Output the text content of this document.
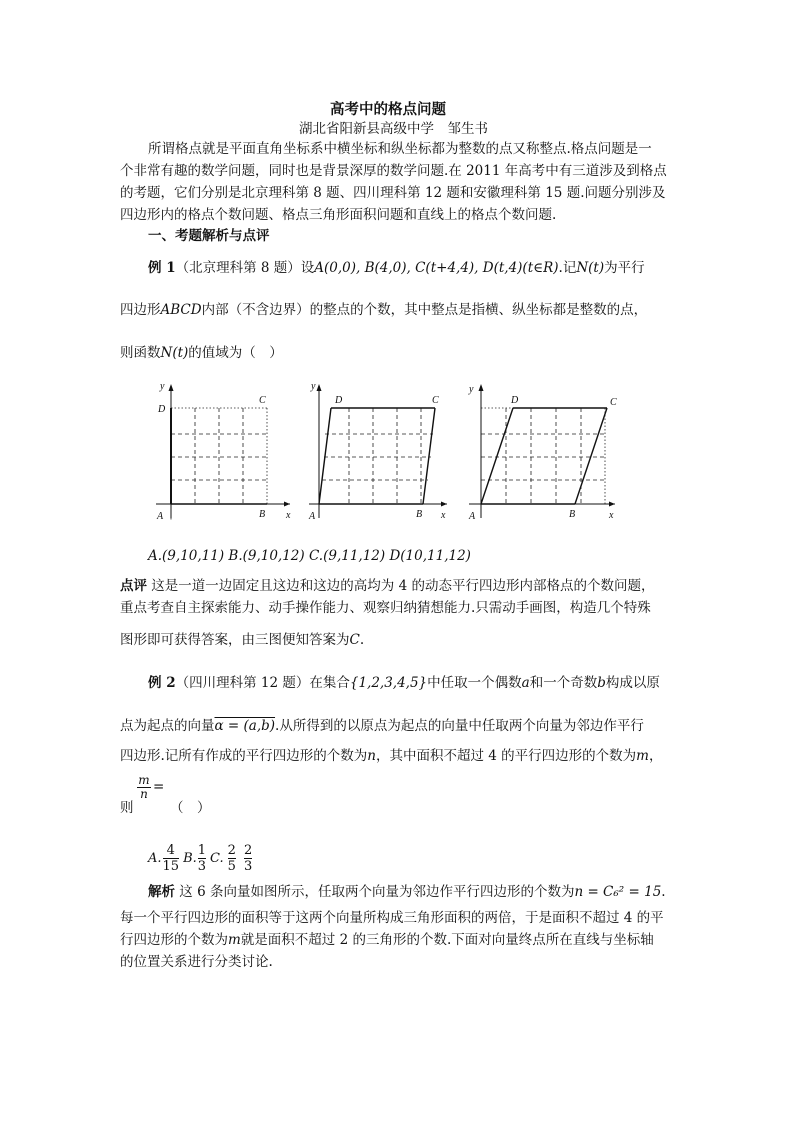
高考中的格点问题
湖北省阳新县高级中学　邹生书
所谓格点就是平面直角坐标系中横坐标和纵坐标都为整数的点又称整点.格点问题是一
个非常有趣的数学问题，同时也是背景深厚的数学问题.在 2011 年高考中有三道涉及到格点
的考题，它们分别是北京理科第 8 题、四川理科第 12 题和安徽理科第 15 题.问题分别涉及
四边形内的格点个数问题、格点三角形面积问题和直线上的格点个数问题.
一、考题解析与点评
例 1（北京理科第 8 题）设A(0,0), B(4,0), C(t+4,4), D(t,4)(t∈R).记N(t)为平行
四边形ABCD内部（不含边界）的整点的个数，其中整点是指横、纵坐标都是整数的点，
则函数N(t)的值域为（　）
y
x
D
C
A	B
y
x
D	C
A	B
y
x
D	C
A	B
A.(9,10,11) B.(9,10,12) C.(9,11,12) D(10,11,12)
点评 这是一道一边固定且这边和这边的高均为 4 的动态平行四边形内部格点的个数问题，
重点考查自主探索能力、动手操作能力、观察归纳猜想能力.只需动手画图，构造几个特殊
图形即可获得答案，由三图便知答案为C.
例 2（四川理科第 12 题）在集合{1,2,3,4,5}中任取一个偶数a和一个奇数b构成以原
点为起点的向量α = (a,b).从所得到的以原点为起点的向量中任取两个向量为邻边作平行
四边形.记所有作成的平行四边形的个数为n，其中面积不超过 4 的平行四边形的个数为m，
$\frac{m}{n}$ =
则	（　）
A. $\frac{4}{15} B$. $\frac{1}{3} C$. $\frac{2}{5} \frac{2}{3}$
解析 这 6 条向量如图所示，任取两个向量为邻边作平行四边形的个数为n = C₆² = 15.
每一个平行四边形的面积等于这两个向量所构成三角形面积的两倍，于是面积不超过 4 的平
行四边形的个数为m就是面积不超过 2 的三角形的个数.下面对向量终点所在直线与坐标轴
的位置关系进行分类讨论.
